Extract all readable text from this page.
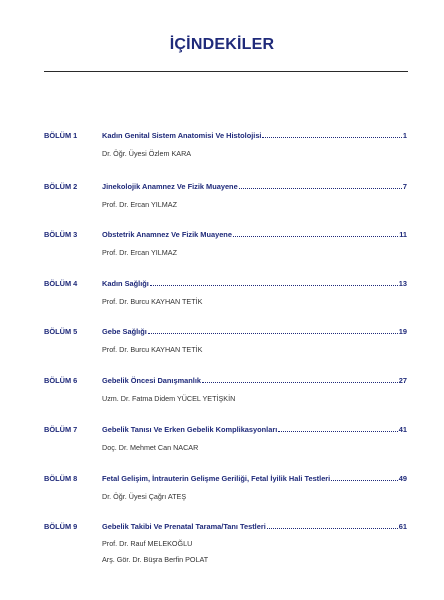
İÇİNDEKİLER
BÖLÜM 1	Kadın Genital Sistem Anatomisi Ve Histolojisi	1
Dr. Öğr. Üyesi Özlem KARA
BÖLÜM 2	Jinekolojik Anamnez Ve Fizik Muayene	7
Prof. Dr. Ercan YILMAZ
BÖLÜM 3	Obstetrik Anamnez Ve Fizik Muayene	11
Prof. Dr. Ercan YILMAZ
BÖLÜM 4	Kadın Sağlığı	13
Prof. Dr. Burcu KAYHAN TETİK
BÖLÜM 5	Gebe Sağlığı	19
Prof. Dr. Burcu KAYHAN TETİK
BÖLÜM 6	Gebelik Öncesi Danışmanlık	27
Uzm. Dr. Fatma Didem YÜCEL YETİŞKİN
BÖLÜM 7	Gebelik Tanısı Ve Erken Gebelik Komplikasyonları	41
Doç. Dr. Mehmet Can NACAR
BÖLÜM 8	Fetal Gelişim, İntrauterin Gelişme Geriliği, Fetal İyilik Hali Testleri	49
Dr. Öğr. Üyesi Çağrı ATEŞ
BÖLÜM 9	Gebelik Takibi Ve Prenatal Tarama/Tanı Testleri	61
Prof. Dr. Rauf MELEKOĞLU
Arş. Gör. Dr. Büşra Berfin POLAT
